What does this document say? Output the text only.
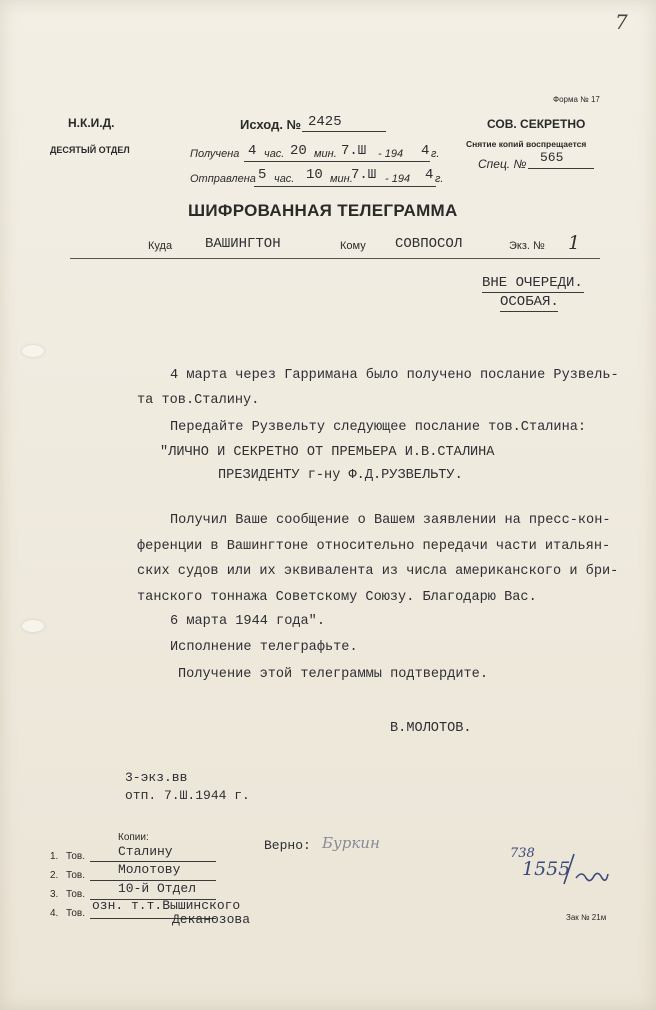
7
Форма № 17
Н.К.И.Д.
ДЕСЯТЫЙ ОТДЕЛ
Исход. № 2425	СОВ. СЕКРЕТНО
Снятие копий воспрещается
Спец. № 565
Получена 4 час. 20 мин. 7.Ш - 194 4 г.
Отправлена 5 час. 10 мин.
7.Ш - 194 4 г.
ШИФРОВАННАЯ ТЕЛЕГРАММА
Куда ВАШИНГТОН	Кому СОВПОСОЛ	Экз. № 1
ВНЕ ОЧЕРЕДИ.
ОСОБАЯ.
4 марта через Гарримана было получено послание Рузвель-
та тов.Сталину.
Передайте Рузвельту следующее послание тов.Сталина:
"ЛИЧНО И СЕКРЕТНО ОТ ПРЕМЬЕРА И.В.СТАЛИНА
ПРЕЗИДЕНТУ г-ну Ф.Д.РУЗВЕЛЬТУ.
Получил Ваше сообщение о Вашем заявлении на пресс-кон-
ференции в Вашингтоне относительно передачи части итальян-
ских судов или их эквивалента из числа американского и бри-
танского тоннажа Советскому Союзу. Благодарю Вас.
6 марта 1944 года".
Исполнение телеграфьте.
Получение этой телеграммы подтвердите.
В.МОЛОТОВ.
3-экз.вв
отп. 7.Ш.1944 г.
Копии:
1. Тов.	Сталину
2. Тов.	Молотову
3. Тов.	10-й Отдел
4. Тов.
озн. т.т.Вышинского
Деканозова
Верно: Буркин
738
1555
Зак № 21м
